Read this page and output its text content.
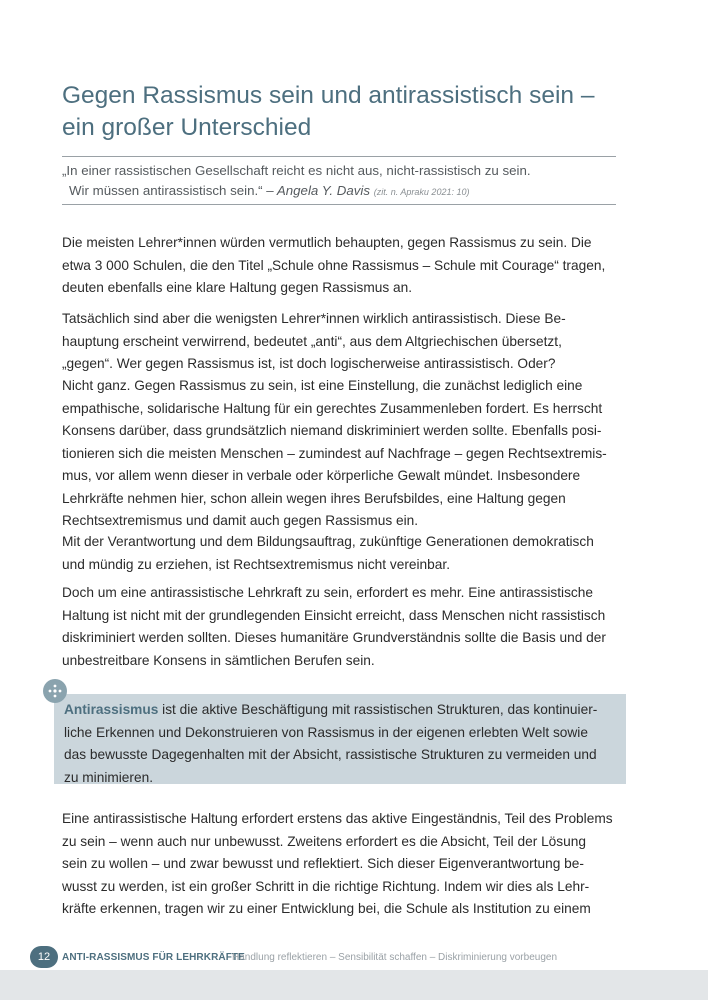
Gegen Rassismus sein und antirassistisch sein –
ein großer Unterschied
„In einer rassistischen Gesellschaft reicht es nicht aus, nicht-rassistisch zu sein.
Wir müssen antirassistisch sein.“ – Angela Y. Davis (zit. n. Apraku 2021: 10)
Die meisten Lehrer*innen würden vermutlich behaupten, gegen Rassismus zu sein. Die
etwa 3 000 Schulen, die den Titel „Schule ohne Rassismus – Schule mit Courage“ tragen,
deuten ebenfalls eine klare Haltung gegen Rassismus an.
Tatsächlich sind aber die wenigsten Lehrer*innen wirklich antirassistisch. Diese Be-
hauptung erscheint verwirrend, bedeutet „anti“, aus dem Altgriechischen übersetzt,
„gegen“. Wer gegen Rassismus ist, ist doch logischerweise antirassistisch. Oder?
Nicht ganz. Gegen Rassismus zu sein, ist eine Einstellung, die zunächst lediglich eine
empathische, solidarische Haltung für ein gerechtes Zusammenleben fordert. Es herrscht
Konsens darüber, dass grundsätzlich niemand diskriminiert werden sollte. Ebenfalls posi-
tionieren sich die meisten Menschen – zumindest auf Nachfrage – gegen Rechtsextremis-
mus, vor allem wenn dieser in verbale oder körperliche Gewalt mündet. Insbesondere
Lehrkräfte nehmen hier, schon allein wegen ihres Berufsbildes, eine Haltung gegen
Rechtsextremismus und damit auch gegen Rassismus ein.
Mit der Verantwortung und dem Bildungsauftrag, zukünftige Generationen demokratisch
und mündig zu erziehen, ist Rechtsextremismus nicht vereinbar.
Doch um eine antirassistische Lehrkraft zu sein, erfordert es mehr. Eine antirassistische
Haltung ist nicht mit der grundlegenden Einsicht erreicht, dass Menschen nicht rassistisch
diskriminiert werden sollten. Dieses humanitäre Grundverständnis sollte die Basis und der
unbestreitbare Konsens in sämtlichen Berufen sein.
Antirassismus ist die aktive Beschäftigung mit rassistischen Strukturen, das kontinuier-
liche Erkennen und Dekonstruieren von Rassismus in der eigenen erlebten Welt sowie
das bewusste Dagegenhalten mit der Absicht, rassistische Strukturen zu vermeiden und
zu minimieren.
Eine antirassistische Haltung erfordert erstens das aktive Eingeständnis, Teil des Problems
zu sein – wenn auch nur unbewusst. Zweitens erfordert es die Absicht, Teil der Lösung
sein zu wollen – und zwar bewusst und reflektiert. Sich dieser Eigenverantwortung be-
wusst zu werden, ist ein großer Schritt in die richtige Richtung. Indem wir dies als Lehr-
kräfte erkennen, tragen wir zu einer Entwicklung bei, die Schule als Institution zu einem
12	ANTI-RASSISMUS FÜR LEHRKRÄFTE
Handlung reflektieren – Sensibilität schaffen – Diskriminierung vorbeugen
